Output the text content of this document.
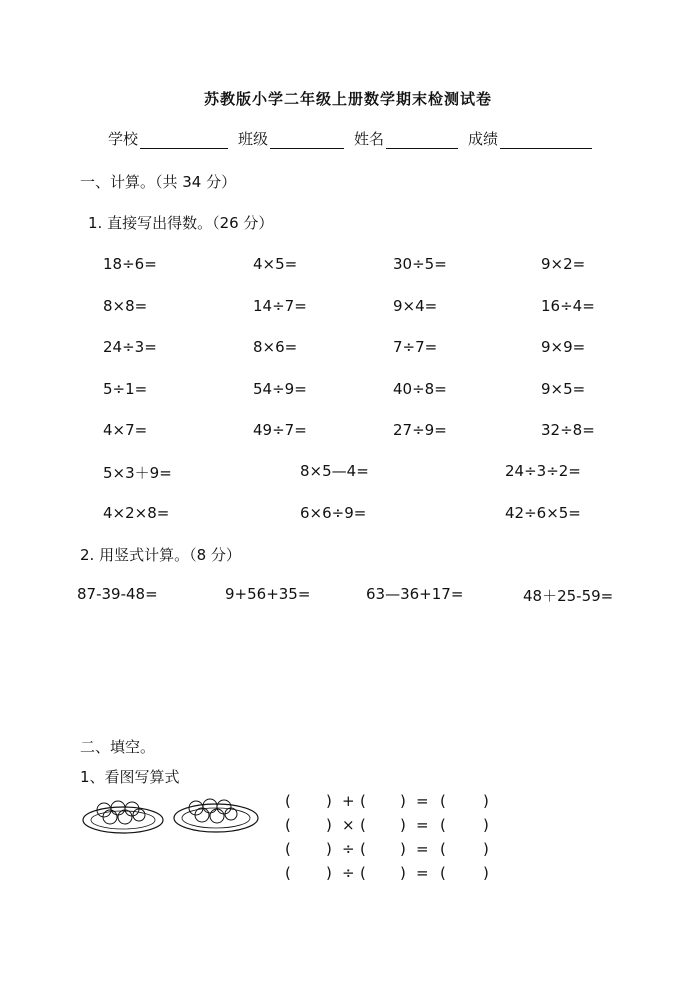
苏教版小学二年级上册数学期末检测试卷
学校	班级	姓名	成绩
一、计算。（共 34 分）
1. 直接写出得数。（26 分）
18÷6=	4×5=	30÷5=	9×2=
8×8=	14÷7=	9×4=	16÷4=
24÷3=	8×6=	7÷7=	9×9=
5÷1=	54÷9=	40÷8=	9×5=
4×7=	49÷7=	27÷9=	32÷8=
5×3＋9=	8×5—4=	24÷3÷2=
4×2×8=	6×6÷9=	42÷6×5=
2. 用竖式计算。（8 分）
87-39-48=	9+56+35=	63—36+17=	48＋25-59=
二、填空。
1、看图写算式
( ) + ( ) = ( )
( ) × ( ) = ( )
( ) ÷ ( ) = ( )
( ) ÷ ( ) = ( )
